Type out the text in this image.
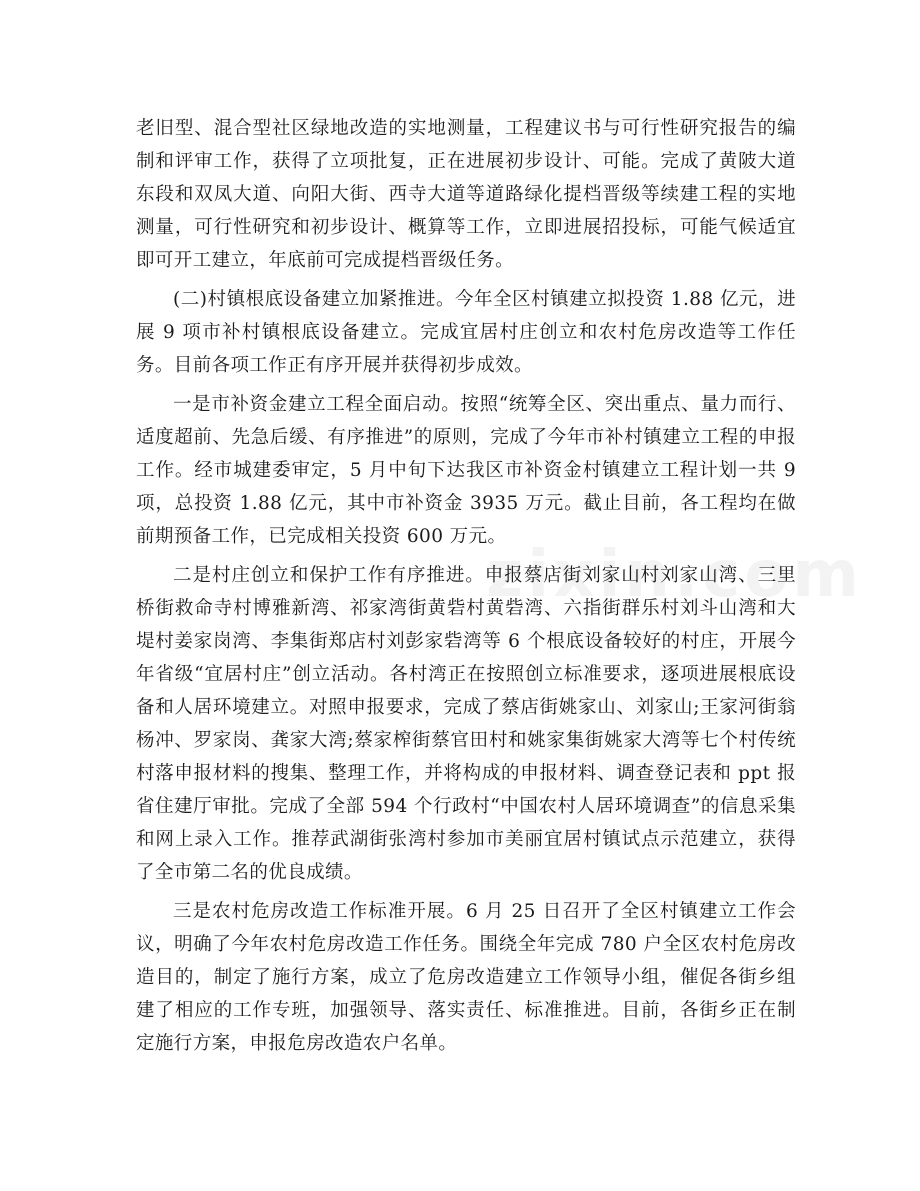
老旧型、混合型社区绿地改造的实地测量，工程建议书与可行性研究报告的编制和评审工作，获得了立项批复，正在进展初步设计、可能。完成了黄陂大道东段和双凤大道、向阳大街、西寺大道等道路绿化提档晋级等续建工程的实地测量，可行性研究和初步设计、概算等工作，立即进展招投标，可能气候适宜即可开工建立，年底前可完成提档晋级任务。

(二)村镇根底设备建立加紧推进。今年全区村镇建立拟投资 1.88 亿元，进展 9 项市补村镇根底设备建立。完成宜居村庄创立和农村危房改造等工作任务。目前各项工作正有序开展并获得初步成效。

一是市补资金建立工程全面启动。按照“统筹全区、突出重点、量力而行、适度超前、先急后缓、有序推进”的原则，完成了今年市补村镇建立工程的申报工作。经市城建委审定，5 月中旬下达我区市补资金村镇建立工程计划一共 9 项，总投资 1.88 亿元，其中市补资金 3935 万元。截止目前，各工程均在做前期预备工作，已完成相关投资 600 万元。

二是村庄创立和保护工作有序推进。申报蔡店街刘家山村刘家山湾、三里桥街救命寺村博雅新湾、祁家湾街黄砦村黄砦湾、六指街群乐村刘斗山湾和大堤村姜家岗湾、李集街郑店村刘彭家砦湾等 6 个根底设备较好的村庄，开展今年省级“宜居村庄”创立活动。各村湾正在按照创立标准要求，逐项进展根底设备和人居环境建立。对照申报要求，完成了蔡店街姚家山、刘家山;王家河街翁杨冲、罗家岗、龚家大湾;蔡家榨街蔡官田村和姚家集街姚家大湾等七个村传统村落申报材料的搜集、整理工作，并将构成的申报材料、调查登记表和 ppt 报省住建厅审批。完成了全部 594 个行政村“中国农村人居环境调查”的信息采集和网上录入工作。推荐武湖街张湾村参加市美丽宜居村镇试点示范建立，获得了全市第二名的优良成绩。

三是农村危房改造工作标准开展。6 月 25 日召开了全区村镇建立工作会议，明确了今年农村危房改造工作任务。围绕全年完成 780 户全区农村危房改造目的，制定了施行方案，成立了危房改造建立工作领导小组，催促各街乡组建了相应的工作专班，加强领导、落实责任、标准推进。目前，各街乡正在制定施行方案，申报危房改造农户名单。
